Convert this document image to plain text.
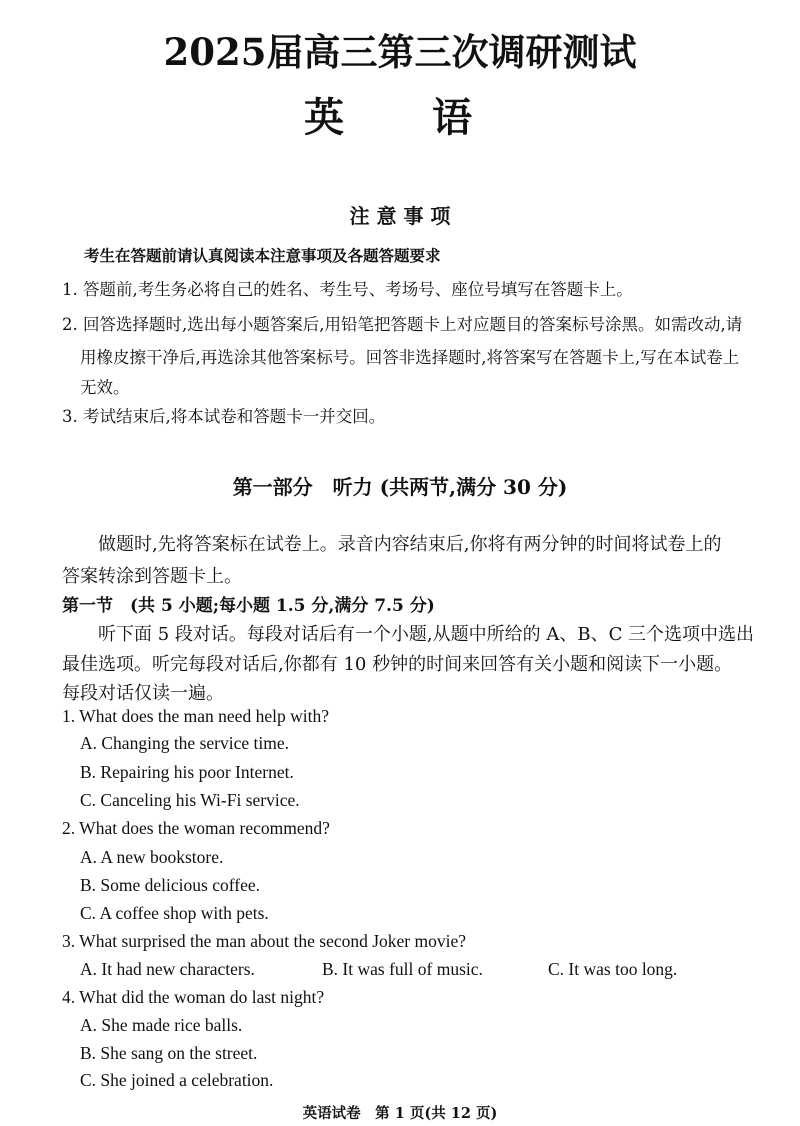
2025届高三第三次调研测试
英　语
注 意 事 项
考生在答题前请认真阅读本注意事项及各题答题要求
1. 答题前,考生务必将自己的姓名、考生号、考场号、座位号填写在答题卡上。
2. 回答选择题时,选出每小题答案后,用铅笔把答题卡上对应题目的答案标号涂黑。如需改动,请
用橡皮擦干净后,再选涂其他答案标号。回答非选择题时,将答案写在答题卡上,写在本试卷上
无效。
3. 考试结束后,将本试卷和答题卡一并交回。
第一部分　听力 (共两节,满分 30 分)
做题时,先将答案标在试卷上。录音内容结束后,你将有两分钟的时间将试卷上的
答案转涂到答题卡上。
第一节　(共 5 小题;每小题 1.5 分,满分 7.5 分)
听下面 5 段对话。每段对话后有一个小题,从题中所给的 A、B、C 三个选项中选出
最佳选项。听完每段对话后,你都有 10 秒钟的时间来回答有关小题和阅读下一小题。
每段对话仅读一遍。
1. What does the man need help with?
A. Changing the service time.
B. Repairing his poor Internet.
C. Canceling his Wi-Fi service.
2. What does the woman recommend?
A. A new bookstore.
B. Some delicious coffee.
C. A coffee shop with pets.
3. What surprised the man about the second Joker movie?
A. It had new characters.	B. It was full of music.	C. It was too long.
4. What did the woman do last night?
A. She made rice balls.
B. She sang on the street.
C. She joined a celebration.
英语试卷　第 1 页(共 12 页)
